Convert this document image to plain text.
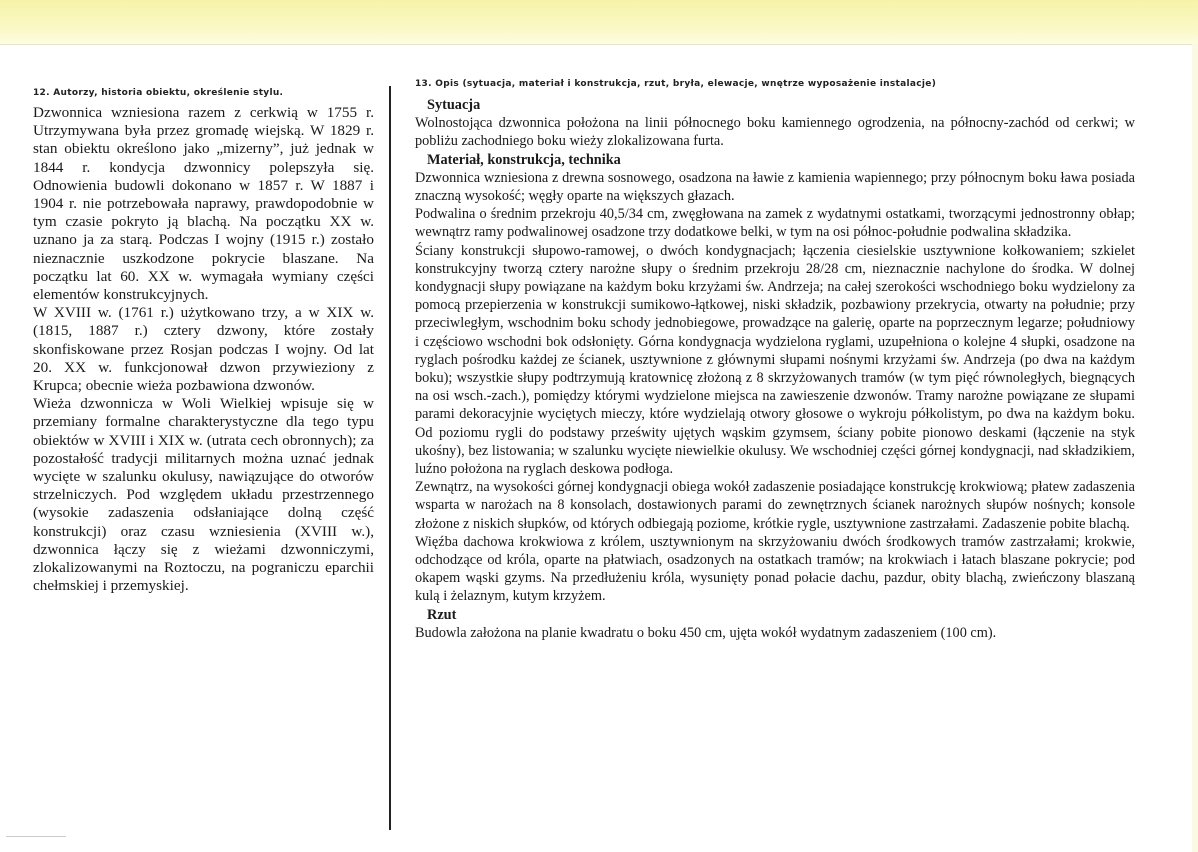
12. Autorzy, historia obiektu, określenie stylu.

Dzwonnica wzniesiona razem z cerkwią w 1755 r. Utrzymywana była przez gromadę wiejską. W 1829 r. stan obiektu określono jako „mizerny”, już jednak w 1844 r. kondycja dzwonnicy polepszyła się. Odnowienia budowli dokonano w 1857 r. W 1887 i 1904 r. nie potrzebowała naprawy, prawdopodobnie w tym czasie pokryto ją blachą. Na początku XX w. uznano ja za starą. Podczas I wojny (1915 r.) zostało nieznacznie uszkodzone pokrycie blaszane. Na początku lat 60. XX w. wymagała wymiany części elementów konstrukcyjnych.

W XVIII w. (1761 r.) użytkowano trzy, a w XIX w. (1815, 1887 r.) cztery dzwony, które zostały skonfiskowane przez Rosjan podczas I wojny. Od lat 20. XX w. funkcjonował dzwon przywieziony z Krupca; obecnie wieża pozbawiona dzwonów.

Wieża dzwonnicza w Woli Wielkiej wpisuje się w przemiany formalne charakterystyczne dla tego typu obiektów w XVIII i XIX w. (utrata cech obronnych); za pozostałość tradycji militarnych można uznać jednak wycięte w szalunku okulusy, nawiązujące do otworów strzelniczych. Pod względem układu przestrzennego (wysokie zadaszenia odsłaniające dolną część konstrukcji) oraz czasu wzniesienia (XVIII w.), dzwonnica łączy się z wieżami dzwonniczymi, zlokalizowanymi na Roztoczu, na pograniczu eparchii chełmskiej i przemyskiej.

13. Opis (sytuacja, materiał i konstrukcja, rzut, bryła, elewacje, wnętrze wyposażenie instalacje)

Sytuacja

Wolnostojąca dzwonnica położona na linii północnego boku kamiennego ogrodzenia, na północny-zachód od cerkwi; w pobliżu zachodniego boku wieży zlokalizowana furta.

Materiał, konstrukcja, technika

Dzwonnica wzniesiona z drewna sosnowego, osadzona na ławie z kamienia wapiennego; przy północnym boku ława posiada znaczną wysokość; węgły oparte na większych głazach.

Podwalina o średnim przekroju 40,5/34 cm, zwęgłowana na zamek z wydatnymi ostatkami, tworzącymi jednostronny obłap; wewnątrz ramy podwalinowej osadzone trzy dodatkowe belki, w tym na osi północ-południe podwalina składzika.

Ściany konstrukcji słupowo-ramowej, o dwóch kondygnacjach; łączenia ciesielskie usztywnione kołkowaniem; szkielet konstrukcyjny tworzą cztery narożne słupy o średnim przekroju 28/28 cm, nieznacznie nachylone do środka. W dolnej kondygnacji słupy powiązane na każdym boku krzyżami św. Andrzeja; na całej szerokości wschodniego boku wydzielony za pomocą przepierzenia w konstrukcji sumikowo-łątkowej, niski składzik, pozbawiony przekrycia, otwarty na południe; przy przeciwległym, wschodnim boku schody jednobiegowe, prowadzące na galerię, oparte na poprzecznym legarze; południowy i częściowo wschodni bok odsłonięty. Górna kondygnacja wydzielona ryglami, uzupełniona o kolejne 4 słupki, osadzone na ryglach pośrodku każdej ze ścianek, usztywnione z głównymi słupami nośnymi krzyżami św. Andrzeja (po dwa na każdym boku); wszystkie słupy podtrzymują kratownicę złożoną z 8 skrzyżowanych tramów (w tym pięć równoległych, biegnących na osi wsch.-zach.), pomiędzy którymi wydzielone miejsca na zawieszenie dzwonów. Tramy narożne powiązane ze słupami parami dekoracyjnie wyciętych mieczy, które wydzielają otwory głosowe o wykroju półkolistym, po dwa na każdym boku. Od poziomu rygli do podstawy prześwity ujętych wąskim gzymsem, ściany pobite pionowo deskami (łączenie na styk ukośny), bez listowania; w szalunku wycięte niewielkie okulusy. We wschodniej części górnej kondygnacji, nad składzikiem, luźno położona na ryglach deskowa podłoga.

Zewnątrz, na wysokości górnej kondygnacji obiega wokół zadaszenie posiadające konstrukcję krokwiową; płatew zadaszenia wsparta w narożach na 8 konsolach, dostawionych parami do zewnętrznych ścianek narożnych słupów nośnych; konsole złożone z niskich słupków, od których odbiegają poziome, krótkie rygle, usztywnione zastrzałami. Zadaszenie pobite blachą.

Więźba dachowa krokwiowa z królem, usztywnionym na skrzyżowaniu dwóch środkowych tramów zastrzałami; krokwie, odchodzące od króla, oparte na płatwiach, osadzonych na ostatkach tramów; na krokwiach i łatach blaszane pokrycie; pod okapem wąski gzyms. Na przedłużeniu króla, wysunięty ponad połacie dachu, pazdur, obity blachą, zwieńczony blaszaną kulą i żelaznym, kutym krzyżem.

Rzut

Budowla założona na planie kwadratu o boku 450 cm, ujęta wokół wydatnym zadaszeniem (100 cm).
